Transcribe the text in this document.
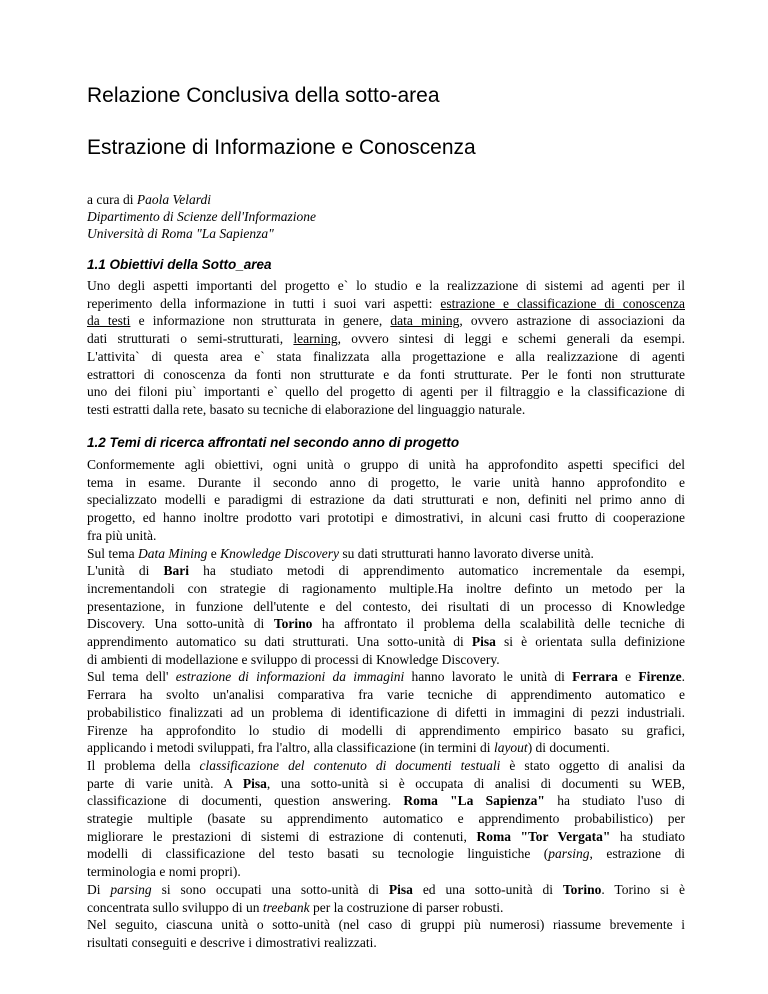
Relazione Conclusiva della sotto-area
Estrazione di Informazione e Conoscenza
a cura di Paola Velardi
Dipartimento di Scienze dell'Informazione
Università di Roma "La Sapienza"
1.1 Obiettivi della Sotto_area
Uno degli aspetti importanti del progetto e` lo studio e la realizzazione di sistemi ad agenti per il
reperimento della informazione in tutti i suoi vari aspetti: estrazione e classificazione di conoscenza
da testi e informazione non strutturata in genere, data mining, ovvero astrazione di associazioni da
dati strutturati o semi-strutturati, learning, ovvero sintesi di leggi e schemi generali da esempi.
L'attivita` di questa area e` stata finalizzata alla progettazione e alla realizzazione di agenti
estrattori di conoscenza da fonti non strutturate e da fonti strutturate. Per le fonti non strutturate
uno dei filoni piu` importanti e` quello del progetto di agenti per il filtraggio e la classificazione di
testi estratti dalla rete, basato su tecniche di elaborazione del linguaggio naturale.
1.2 Temi di ricerca affrontati nel secondo anno di progetto
Conformemente agli obiettivi, ogni unità o gruppo di unità ha approfondito aspetti specifici del
tema in esame. Durante il secondo anno di progetto, le varie unità hanno approfondito e
specializzato modelli e paradigmi di estrazione da dati strutturati e non, definiti nel primo anno di
progetto, ed hanno inoltre prodotto vari prototipi e dimostrativi, in alcuni casi frutto di cooperazione
fra più unità.
Sul tema Data Mining e Knowledge Discovery su dati strutturati hanno lavorato diverse unità.
L'unità di Bari ha studiato metodi di apprendimento automatico incrementale da esempi,
incrementandoli con strategie di ragionamento multiple.Ha inoltre definto un metodo per la
presentazione, in funzione dell'utente e del contesto, dei risultati di un processo di Knowledge
Discovery. Una sotto-unità di Torino ha affrontato il problema della scalabilità delle tecniche di
apprendimento automatico su dati strutturati. Una sotto-unità di Pisa si è orientata sulla definizione
di ambienti di modellazione e sviluppo di processi di Knowledge Discovery.
Sul tema dell' estrazione di informazioni da immagini hanno lavorato le unità di Ferrara e Firenze.
Ferrara ha svolto un'analisi comparativa fra varie tecniche di apprendimento automatico e
probabilistico finalizzati ad un problema di identificazione di difetti in immagini di pezzi industriali.
Firenze ha approfondito lo studio di modelli di apprendimento empirico basato su grafici,
applicando i metodi sviluppati, fra l'altro, alla classificazione (in termini di layout) di documenti.
Il problema della classificazione del contenuto di documenti testuali è stato oggetto di analisi da
parte di varie unità. A Pisa, una sotto-unità si è occupata di analisi di documenti su WEB,
classificazione di documenti, question answering. Roma "La Sapienza" ha studiato l'uso di
strategie multiple (basate su apprendimento automatico e apprendimento probabilistico) per
migliorare le prestazioni di sistemi di estrazione di contenuti, Roma "Tor Vergata" ha studiato
modelli di classificazione del testo basati su tecnologie linguistiche (parsing, estrazione di
terminologia e nomi propri).
Di parsing si sono occupati una sotto-unità di Pisa ed una sotto-unità di Torino. Torino si è
concentrata sullo sviluppo di un treebank per la costruzione di parser robusti.
Nel seguito, ciascuna unità o sotto-unità (nel caso di gruppi più numerosi) riassume brevemente i
risultati conseguiti e descrive i dimostrativi realizzati.
